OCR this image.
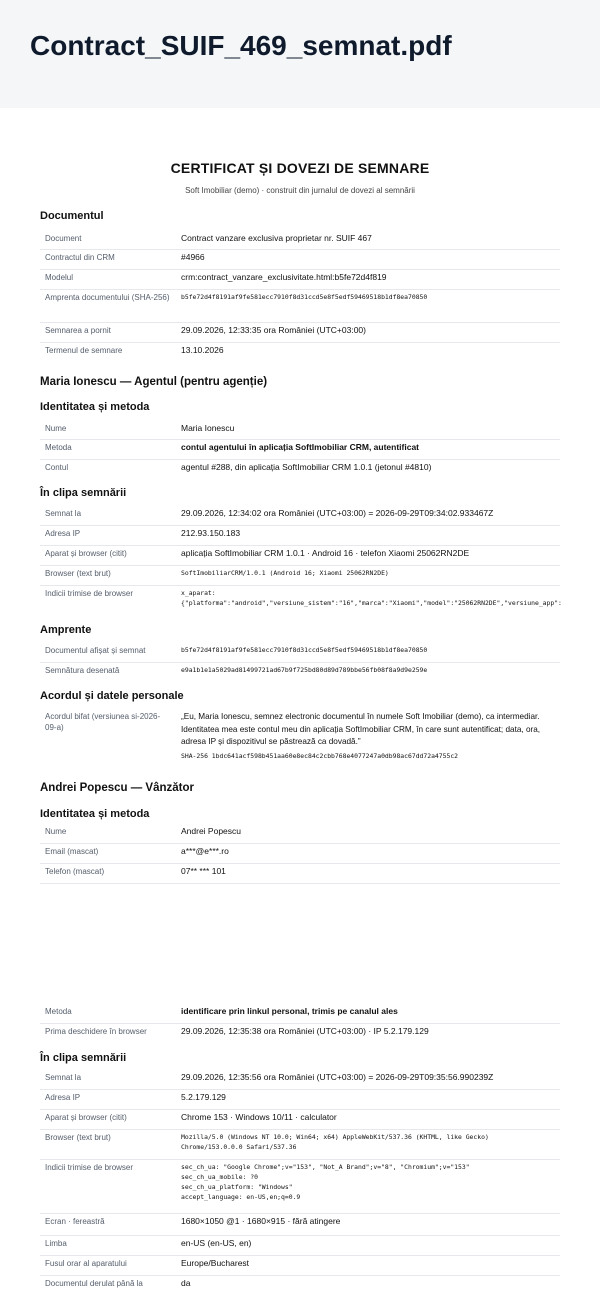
Contract_SUIF_469_semnat.pdf
CERTIFICAT ȘI DOVEZI DE SEMNARE
Soft Imobiliar (demo) · construit din jurnalul de dovezi al semnării
Documentul
Document	Contract vanzare exclusiva proprietar nr. SUIF 467
Contractul din CRM	#4966
Modelul	crm:contract_vanzare_exclusivitate.html:b5fe72d4f819
Amprenta documentului (SHA-256) b5fe72d4f8191af9fe581ecc7910f8d31ccd5e8f5edf59469518b1df8ea70850
Semnarea a pornit	29.09.2026, 12:33:35 ora României (UTC+03:00)
Termenul de semnare	13.10.2026
Maria Ionescu — Agentul (pentru agenție)
Identitatea și metoda
Nume	Maria Ionescu
Metoda	contul agentului în aplicația SoftImobiliar CRM, autentificat
Contul	agentul #288, din aplicația SoftImobiliar CRM 1.0.1 (jetonul #4810)
În clipa semnării
Semnat la	29.09.2026, 12:34:02 ora României (UTC+03:00) = 2026-09-29T09:34:02.933467Z
Adresa IP	212.93.150.183
Aparat și browser (citit)	aplicația SoftImobiliar CRM 1.0.1 · Android 16 · telefon Xiaomi 25062RN2DE
Browser (text brut)	SoftImobiliarCRM/1.0.1 (Android 16; Xiaomi 25062RN2DE)
Indicii trimise de browser	x_aparat:
{"platforma":"android","versiune_sistem":"16","marca":"Xiaomi","model":"25062RN2DE","versiune_app":
Amprente
Documentul afișat și semnat	b5fe72d4f8191af9fe581ecc7910f8d31ccd5e8f5edf59469518b1df8ea70850
Semnătura desenată	e9a1b1e1a5029ad81499721ad67b9f725bd80d89d789bbe56fb08f8a9d9e259e
Acordul și datele personale
Acordul bifat (versiunea si-2026-09-a)
„Eu, Maria Ionescu, semnez electronic documentul în numele Soft Imobiliar (demo), ca intermediar. Identitatea mea este contul meu din aplicația SoftImobiliar CRM, în care sunt autentificat; data, ora, adresa IP și dispozitivul se păstrează ca dovadă.”
SHA-256 1bdc641acf598b451aa60e8ec84c2cbb768e4077247a0db98ac67dd72a4755c2
Andrei Popescu — Vânzător
Identitatea și metoda
Nume	Andrei Popescu
Email (mascat)	a***@e***.ro
Telefon (mascat)	07** *** 101
Metoda	identificare prin linkul personal, trimis pe canalul ales
Prima deschidere în browser	29.09.2026, 12:35:38 ora României (UTC+03:00) · IP 5.2.179.129
În clipa semnării
Semnat la	29.09.2026, 12:35:56 ora României (UTC+03:00) = 2026-09-29T09:35:56.990239Z
Adresa IP	5.2.179.129
Aparat și browser (citit)	Chrome 153 · Windows 10/11 · calculator
Browser (text brut)	Mozilla/5.0 (Windows NT 10.0; Win64; x64) AppleWebKit/537.36 (KHTML, like Gecko)
Chrome/153.0.0.0 Safari/537.36
Indicii trimise de browser	sec_ch_ua: "Google Chrome";v="153", "Not_A Brand";v="8", "Chromium";v="153"
sec_ch_ua_mobile: ?0
sec_ch_ua_platform: "Windows"
accept_language: en-US,en;q=0.9
Ecran · fereastră	1680×1050 @1 · 1680×915 · fără atingere
Limba	en-US (en-US, en)
Fusul orar al aparatului	Europe/Bucharest
Documentul derulat până la	da
